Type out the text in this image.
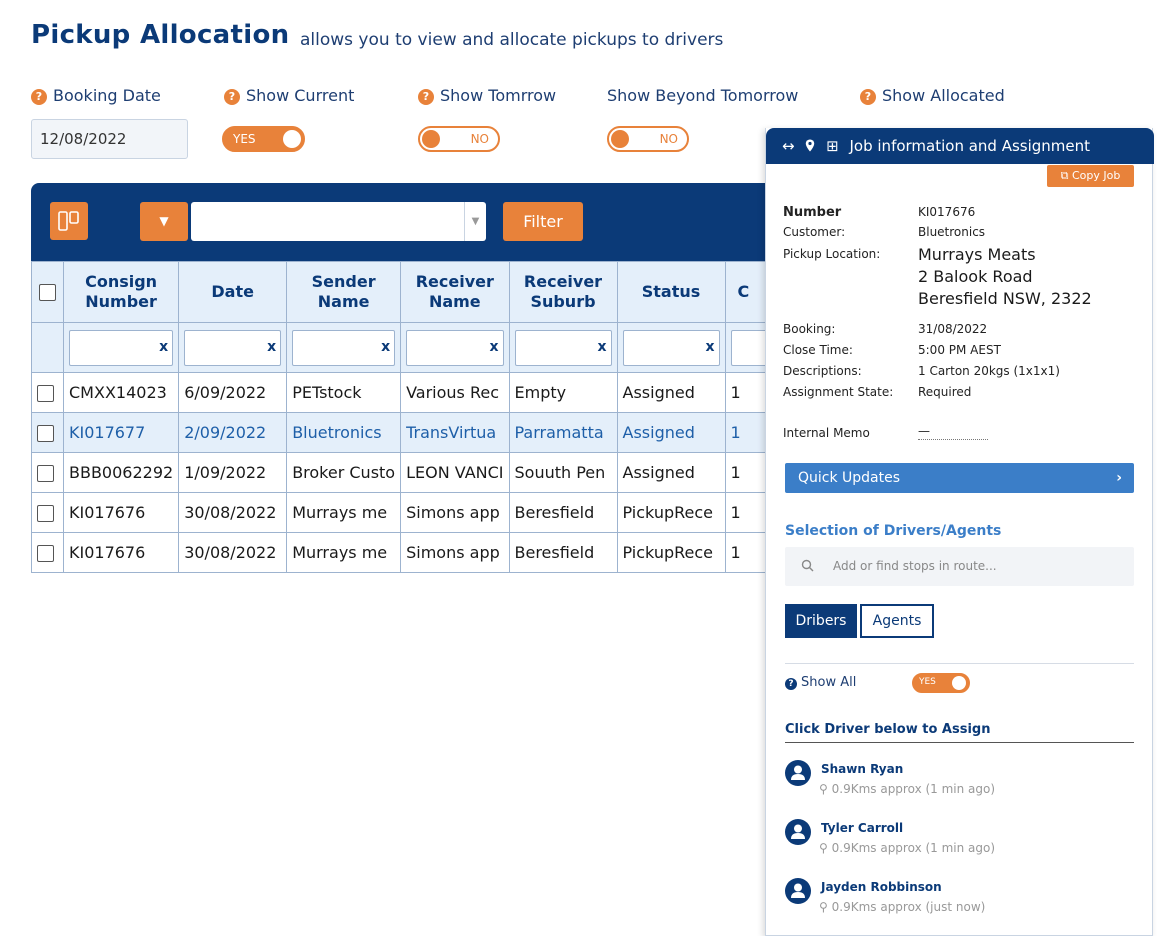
Pickup Allocation allows you to view and allocate pickups to drivers
? Booking Date	? Show Current	? Show Tomrrow	Show Beyond Tomorrow	? Show Allocated
12/08/2022
YES	NO	NO
▼	▼	Filter
	Consign Number	Date	Sender Name	Receiver Name	Receiver Suburb	Status	C

	x	x	x	x	x	x	

	CMXX14023	6/09/2022	PETstock	Various Rec	Empty	Assigned	1
	KI017677	2/09/2022	Bluetronics	TransVirtua	Parramatta	Assigned	1
	BBB0062292	1/09/2022	Broker Custo	LEON VANCI	Souuth Pen	Assigned	1
	KI017676	30/08/2022	Murrays me	Simons app	Beresfield	PickupRece	1
	KI017676	30/08/2022	Murrays me	Simons app	Beresfield	PickupRece	1

↔ ⊞ Job information and Assignment
⧉ Copy Job
Number	KI017676
Customer:	Bluetronics
Pickup Location: Murrays Meats
2 Balook Road
Beresfield NSW, 2322
Booking:	31/08/2022
Close Time:	5:00 PM AEST
Descriptions:	1 Carton 20kgs (1x1x1)
Assignment State: Required
Internal Memo	—
Quick Updates	›
Selection of Drivers/Agents
Add or find stops in route...
Dribers	Agents
? Show All	YES
Click Driver below to Assign
Shawn Ryan
⚲ 0.9Kms approx (1 min ago)
Tyler Carroll
⚲ 0.9Kms approx (1 min ago)
Jayden Robbinson
⚲ 0.9Kms approx (just now)
